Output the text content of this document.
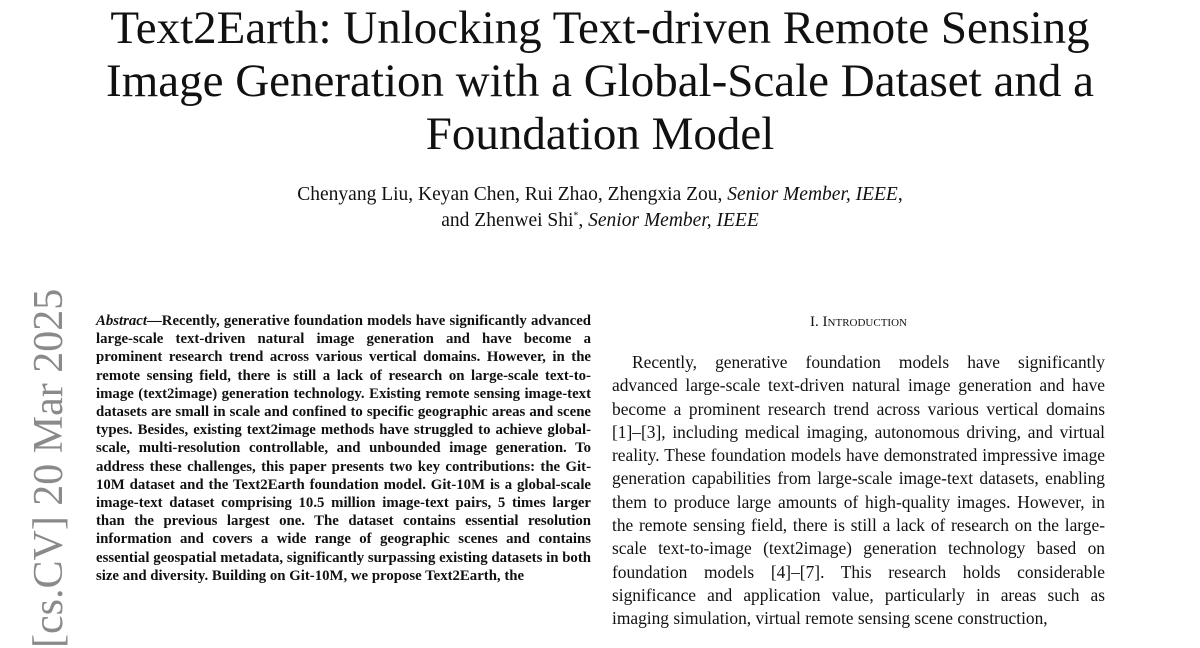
Text2Earth: Unlocking Text-driven Remote Sensing Image Generation with a Global-Scale Dataset and a Foundation Model
Chenyang Liu, Keyan Chen, Rui Zhao, Zhengxia Zou, Senior Member, IEEE,
and Zhenwei Shi*, Senior Member, IEEE
[cs.CV] 20 Mar 2025 Abstract—Recently, generative foundation models have significantly advanced large-scale text-driven natural image generation and have become a prominent research trend across various vertical domains. However, in the remote sensing field, there is still a lack of research on large-scale text-to-image (text2image) generation technology. Existing remote sensing image-text datasets are small in scale and confined to specific geographic areas and scene types. Besides, existing text2image methods have struggled to achieve global-scale, multi-resolution controllable, and unbounded image generation. To address these challenges, this paper presents two key contributions: the Git-10M dataset and the Text2Earth foundation model. Git-10M is a global-scale image-text dataset comprising 10.5 million image-text pairs, 5 times larger than the previous largest one. The dataset contains essential resolution information and covers a wide range of geographic scenes and contains essential geospatial metadata, significantly surpassing existing datasets in both size and diversity. Building on Git-10M, we propose Text2Earth, the

I. Introduction

Recently, generative foundation models have significantly advanced large-scale text-driven natural image generation and have become a prominent research trend across various vertical domains [1]–[3], including medical imaging, autonomous driving, and virtual reality. These foundation models have demonstrated impressive image generation capabilities from large-scale image-text datasets, enabling them to produce large amounts of high-quality images. However, in the remote sensing field, there is still a lack of research on the large-scale text-to-image (text2image) generation technology based on foundation models [4]–[7]. This research holds considerable significance and application value, particularly in areas such as imaging simulation, virtual remote sensing scene construction,
